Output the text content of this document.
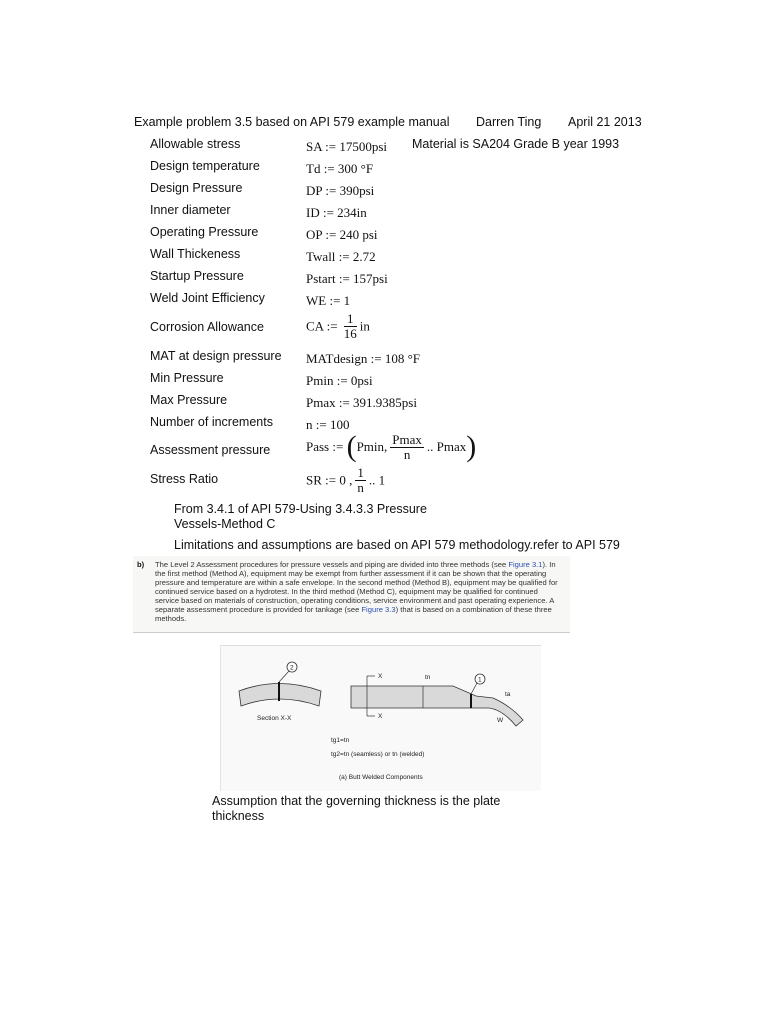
Example problem 3.5 based on API 579 example manual Darren Ting April 21 2013
Material is SA204 Grade B year 1993
Allowable stress	SA := 17500psi
Design temperature	Td := 300 °F
Design Pressure	DP := 390psi
Inner diameter	ID := 234in
Operating Pressure	OP := 240 psi
Wall Thickeness	Twall := 2.72
Startup Pressure	Pstart := 157psi
Weld Joint Efficiency	WE := 1
Corrosion Allowance	CA := $\frac{1}{16}$ in
MAT at design pressure MATdesign := 108 °F
Min Pressure	Pmin := 0psi
Max Pressure	Pmax := 391.9385psi
Number of increments	n := 100
Assessment pressure	Pass := (Pmin, $\frac{Pmax}{n}$ .. Pmax)
Stress Ratio	SR := 0 , $\frac{1}{n}$ .. 1
From 3.4.1 of API 579-Using 3.4.3.3 Pressure
Vessels-Method C
Limitations and assumptions are based on API 579 methodology.refer to API 579
b) The Level 2 Assessment procedures for pressure vessels and piping are divided into three methods (see Figure 3.1). In the first method (Method A), equipment may be exempt from further assessment if it can be shown that the operating pressure and temperature are within a safe envelope. In the second method (Method B), equipment may be qualified for continued service based on a hydrotest. In the third method (Method C), equipment may be qualified for continued service based on materials of construction, operating conditions, service environment and past operating experience. A separate assessment procedure is provided for tankage (see Figure 3.3) that is based on a combination of these three methods.
2
Section X-X
X
X
tn	1
ta
W
tg1=tn
tg2=tn (seamless) or tn (welded)
(a) Butt Welded Components
Assumption that the governing thickness is the plate
thickness
